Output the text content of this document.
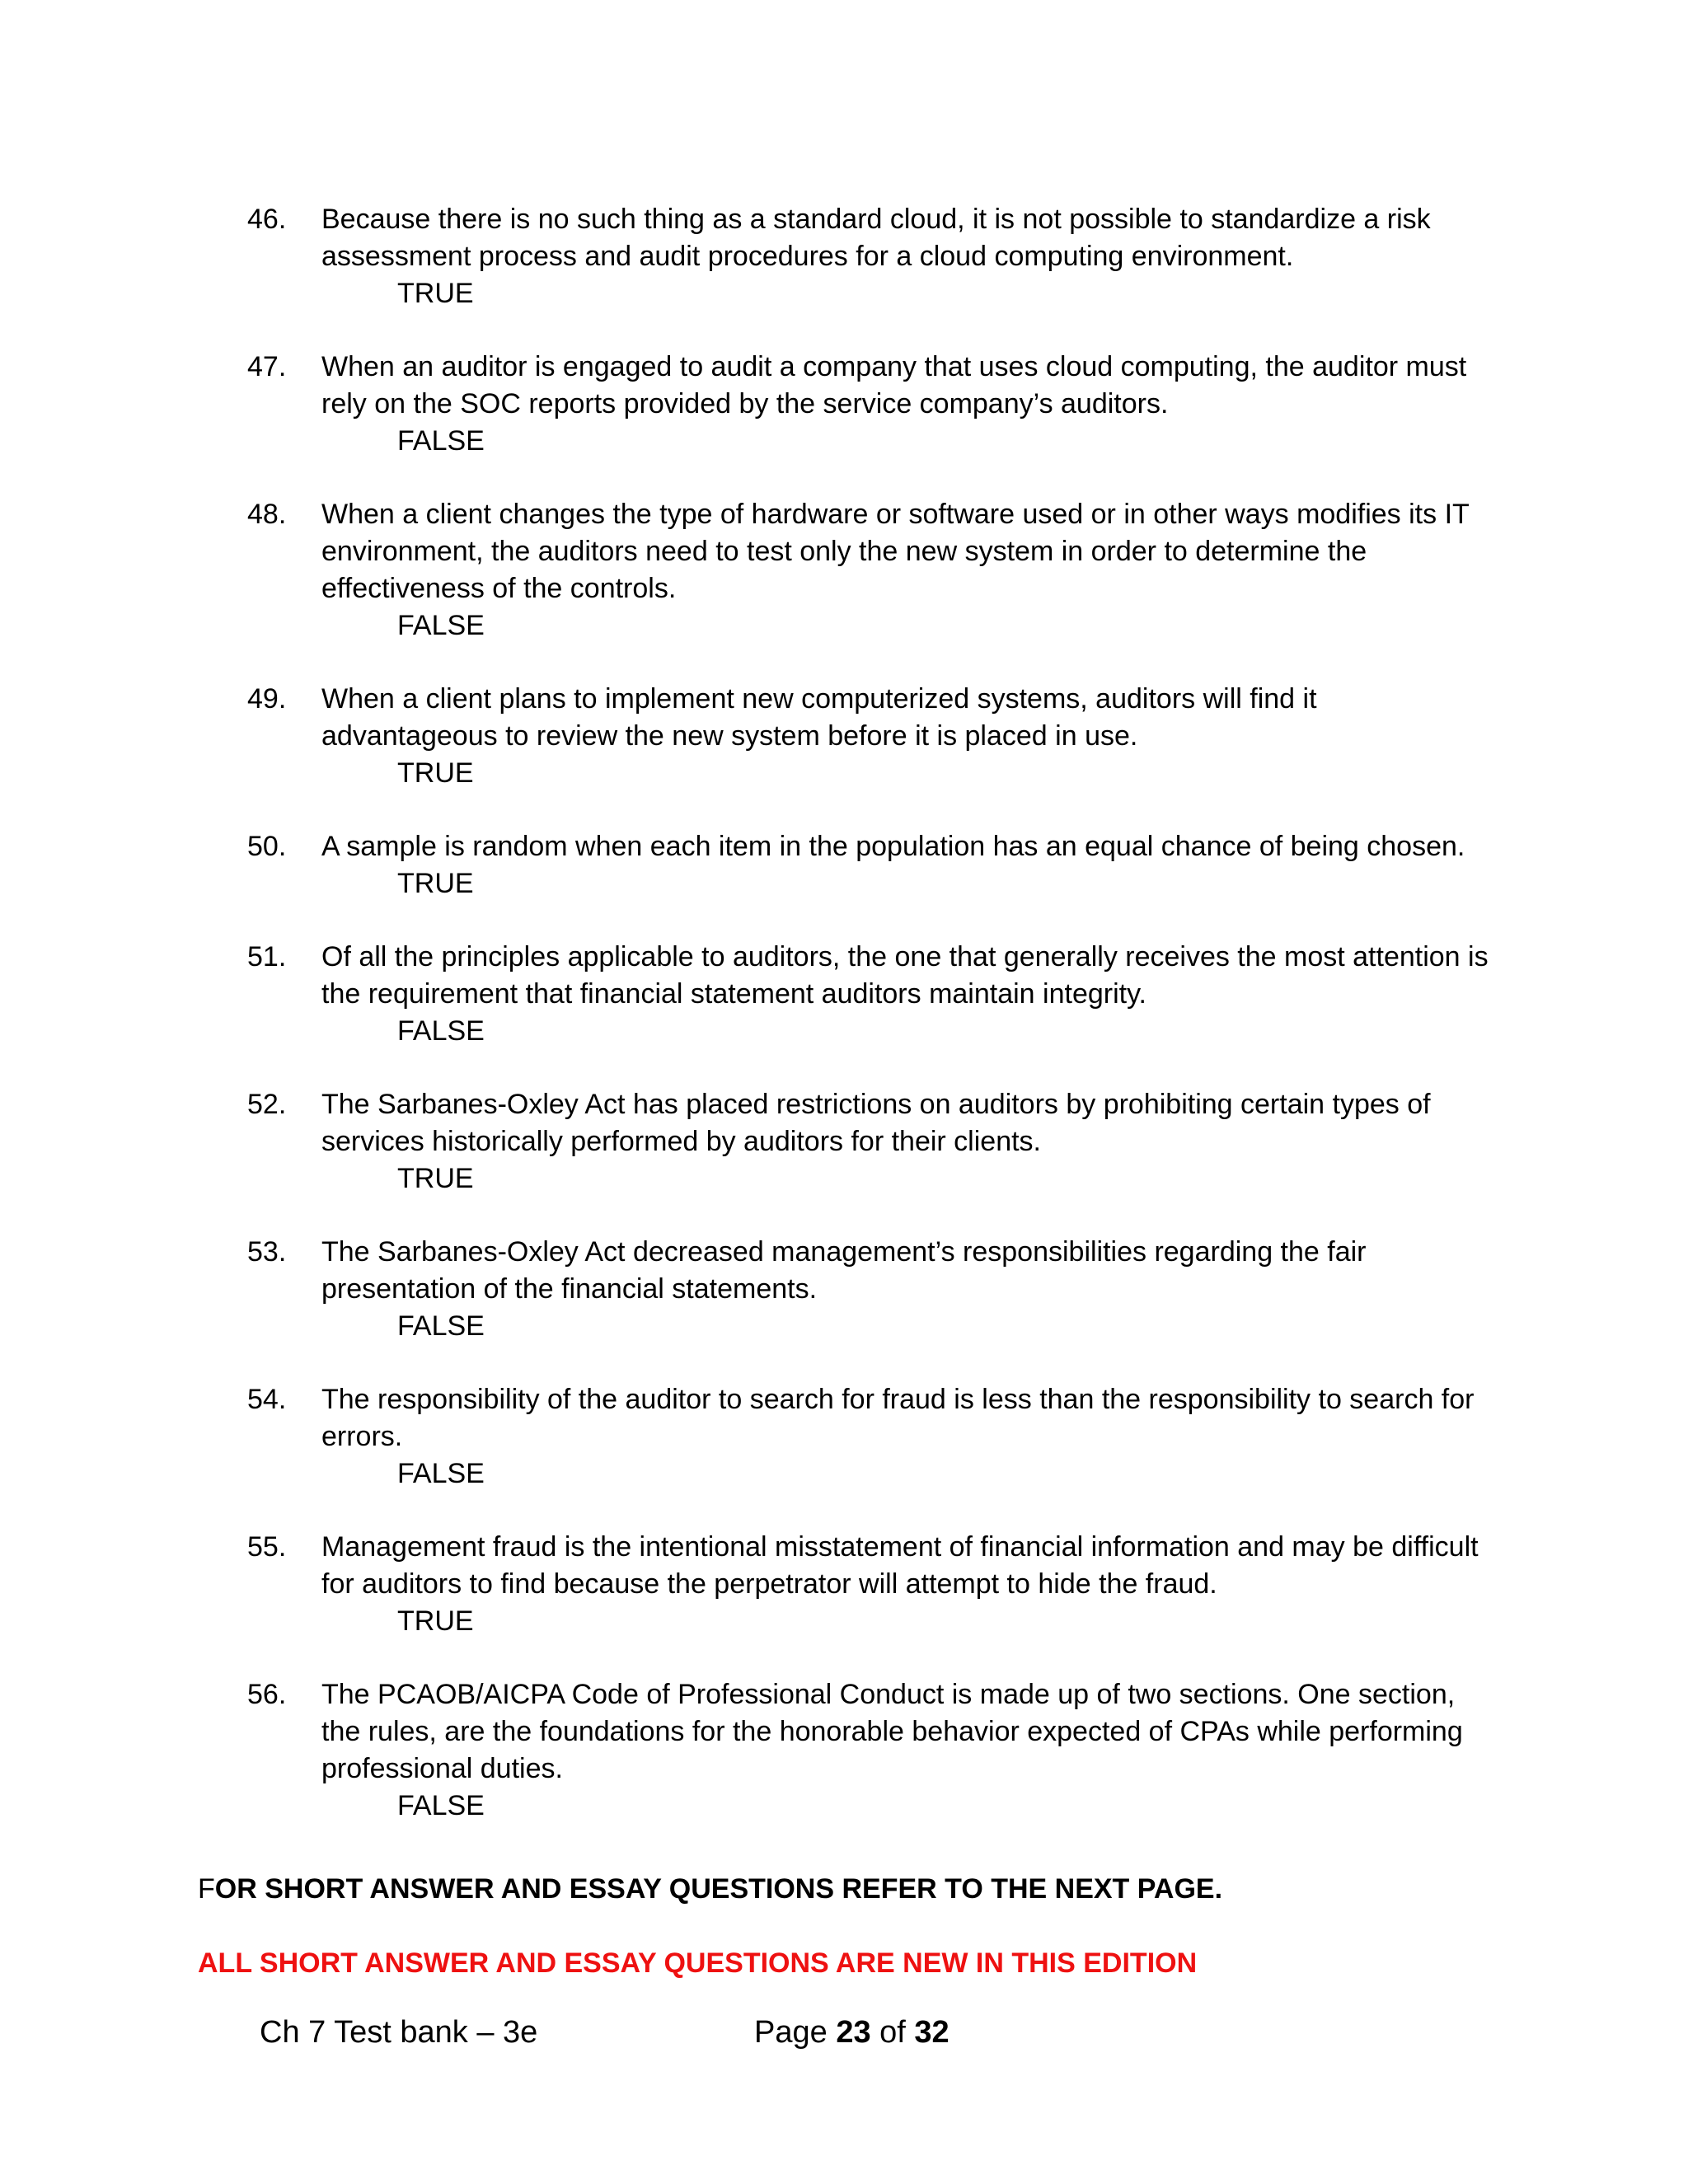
46. Because there is no such thing as a standard cloud, it is not possible to standardize a risk assessment process and audit procedures for a cloud computing environment.
TRUE
47. When an auditor is engaged to audit a company that uses cloud computing, the auditor must rely on the SOC reports provided by the service company’s auditors.
FALSE
48. When a client changes the type of hardware or software used or in other ways modifies its IT environment, the auditors need to test only the new system in order to determine the effectiveness of the controls.
FALSE
49. When a client plans to implement new computerized systems, auditors will find it advantageous to review the new system before it is placed in use.
TRUE
50. A sample is random when each item in the population has an equal chance of being chosen.
TRUE
51. Of all the principles applicable to auditors, the one that generally receives the most attention is the requirement that financial statement auditors maintain integrity.
FALSE
52. The Sarbanes-Oxley Act has placed restrictions on auditors by prohibiting certain types of services historically performed by auditors for their clients.
TRUE
53. The Sarbanes-Oxley Act decreased management’s responsibilities regarding the fair presentation of the financial statements.
FALSE
54. The responsibility of the auditor to search for fraud is less than the responsibility to search for errors.
FALSE
55. Management fraud is the intentional misstatement of financial information and may be difficult for auditors to find because the perpetrator will attempt to hide the fraud.
TRUE
56. The PCAOB/AICPA Code of Professional Conduct is made up of two sections. One section, the rules, are the foundations for the honorable behavior expected of CPAs while performing professional duties.
FALSE
FOR SHORT ANSWER AND ESSAY QUESTIONS REFER TO THE NEXT PAGE.
ALL SHORT ANSWER AND ESSAY QUESTIONS ARE NEW IN THIS EDITION
Ch 7 Test bank – 3e	Page 23 of 32
